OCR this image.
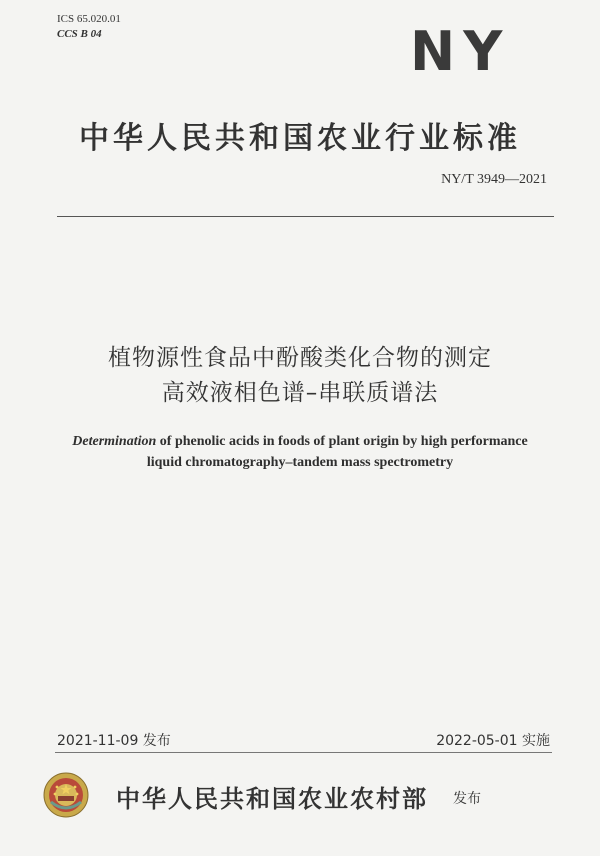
ICS 65.020.01
CCS B 04	NY
中华人民共和国农业行业标准
NY/T 3949—2021
植物源性食品中酚酸类化合物的测定
高效液相色谱–串联质谱法
Determination of phenolic acids in foods of plant origin by high performance
liquid chromatography–tandem mass spectrometry
2021-11-09 发布	2022-05-01 实施
中华人民共和国农业农村部 发布
